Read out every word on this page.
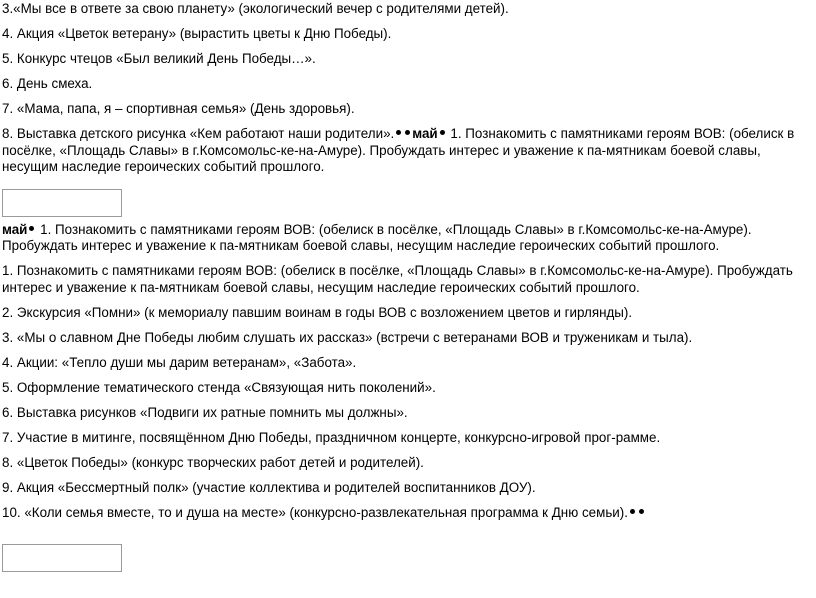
3.«Мы все в ответе за свою планету» (экологический вечер с родителями детей).

4. Акция «Цветок ветерану» (вырастить цветы к Дню Победы).

5. Конкурс чтецов «Был великий День Победы…».

6. День смеха.

7. «Мама, папа, я – спортивная семья» (День здоровья).

8. Выставка детского рисунка «Кем работают наши родители». май 1. Познакомить с памятниками героям ВОВ: (обелиск в посёлке, «Площадь Славы» в г.Комсомольс-ке-на-Амуре). Пробуждать интерес и уважение к па-мятникам боевой славы, несущим наследие героических событий прошлого.

май 1. Познакомить с памятниками героям ВОВ: (обелиск в посёлке, «Площадь Славы» в г.Комсомольс-ке-на-Амуре). Пробуждать интерес и уважение к па-мятникам боевой славы, несущим наследие героических событий прошлого.

1. Познакомить с памятниками героям ВОВ: (обелиск в посёлке, «Площадь Славы» в г.Комсомольс-ке-на-Амуре). Пробуждать интерес и уважение к па-мятникам боевой славы, несущим наследие героических событий прошлого.

2. Экскурсия «Помни» (к мемориалу павшим воинам в годы ВОВ с возложением цветов и гирлянды).

3. «Мы о славном Дне Победы любим слушать их рассказ» (встречи с ветеранами ВОВ и труженикам и тыла).

4. Акции: «Тепло души мы дарим ветеранам», «Забота».

5. Оформление тематического стенда «Связующая нить поколений».

6. Выставка рисунков «Подвиги их ратные помнить мы должны».

7. Участие в митинге, посвящённом Дню Победы, праздничном концерте, конкурсно-игровой прог-рамме.

8. «Цветок Победы» (конкурс творческих работ детей и родителей).

9. Акция «Бессмертный полк» (участие коллектива и родителей воспитанников ДОУ).

10. «Коли семья вместе, то и душа на месте» (конкурсно-развлекательная программа к Дню семьи).
